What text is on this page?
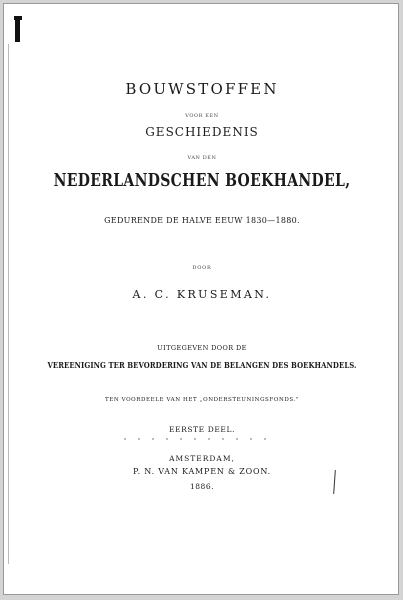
BOUWSTOFFEN
VOOR EEN
GESCHIEDENIS
VAN DEN
NEDERLANDSCHEN BOEKHANDEL,
GEDURENDE DE HALVE EEUW 1830—1880.
DOOR
A. C. KRUSEMAN.
UITGEGEVEN DOOR DE
VEREENIGING TER BEVORDERING VAN DE BELANGEN DES BOEKHANDELS.
TEN VOORDEELE VAN HET „ONDERSTEUNINGSFONDS."
EERSTE DEEL.
AMSTERDAM,
P. N. VAN KAMPEN & ZOON.
1886.
